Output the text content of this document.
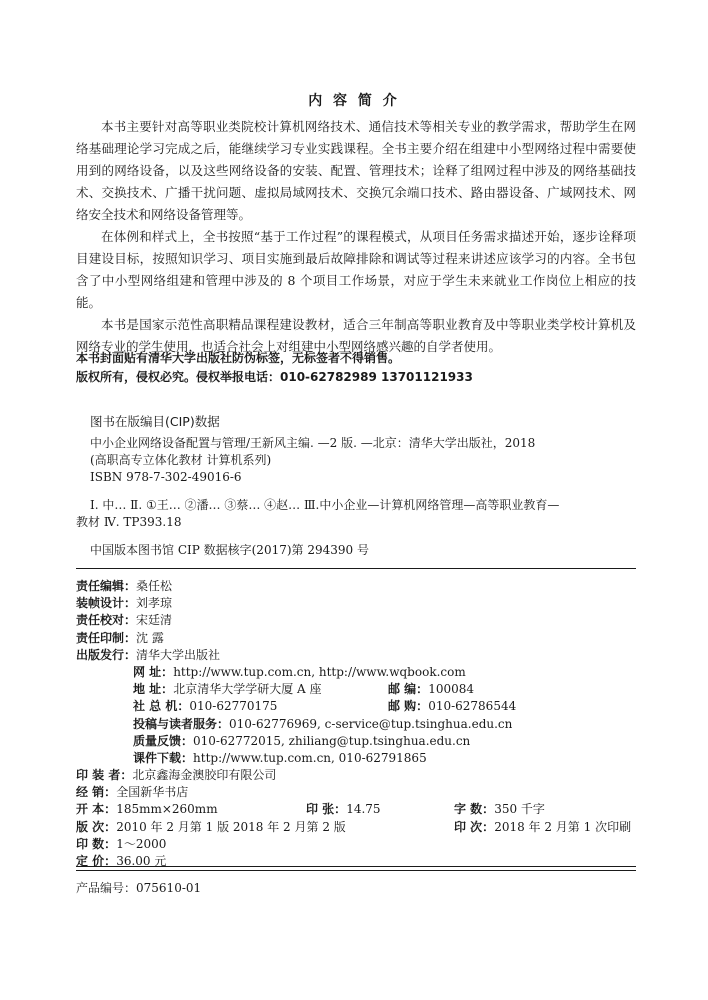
内 容 简 介

本书主要针对高等职业类院校计算机网络技术、通信技术等相关专业的教学需求，帮助学生在网络基础理论学习完成之后，能继续学习专业实践课程。全书主要介绍在组建中小型网络过程中需要使用到的网络设备，以及这些网络设备的安装、配置、管理技术；诠释了组网过程中涉及的网络基础技术、交换技术、广播干扰问题、虚拟局域网技术、交换冗余端口技术、路由器设备、广域网技术、网络安全技术和网络设备管理等。

在体例和样式上，全书按照“基于工作过程”的课程模式，从项目任务需求描述开始，逐步诠释项目建设目标，按照知识学习、项目实施到最后故障排除和调试等过程来讲述应该学习的内容。全书包含了中小型网络组建和管理中涉及的 8 个项目工作场景，对应于学生未来就业工作岗位上相应的技能。

本书是国家示范性高职精品课程建设教材，适合三年制高等职业教育及中等职业类学校计算机及网络专业的学生使用，也适合社会上对组建中小型网络感兴趣的自学者使用。

本书封面贴有清华大学出版社防伪标签，无标签者不得销售。
版权所有，侵权必究。侵权举报电话：010-62782989 13701121933
图书在版编目(CIP)数据
中小企业网络设备配置与管理/王新风主编. —2 版. —北京：清华大学出版社，2018
(高职高专立体化教材 计算机系列)
ISBN 978-7-302-49016-6
Ⅰ. 中… Ⅱ. ①王… ②潘… ③蔡… ④赵… Ⅲ.中小企业—计算机网络管理—高等职业教育—
教材 Ⅳ. TP393.18
中国版本图书馆 CIP 数据核字(2017)第 294390 号
责任编辑：桑任松
装帧设计：刘孝琼
责任校对：宋廷清
责任印制：沈 露
出版发行：清华大学出版社
网 址：http://www.tup.com.cn, http://www.wqbook.com
地 址：北京清华大学学研大厦 A 座	邮 编：100084
社 总 机：010-62770175	邮 购：010-62786544
投稿与读者服务：010-62776969, c-service@tup.tsinghua.edu.cn
质量反馈：010-62772015, zhiliang@tup.tsinghua.edu.cn
课件下载：http://www.tup.com.cn, 010-62791865
印 装 者：北京鑫海金澳胶印有限公司
经 销：全国新华书店
开 本：185mm×260mm	印 张：14.75	字 数：350 千字
版 次：2010 年 2 月第 1 版 2018 年 2 月第 2 版	印 次：2018 年 2 月第 1 次印刷
印 数：1～2000
定 价：36.00 元
产品编号：075610-01
